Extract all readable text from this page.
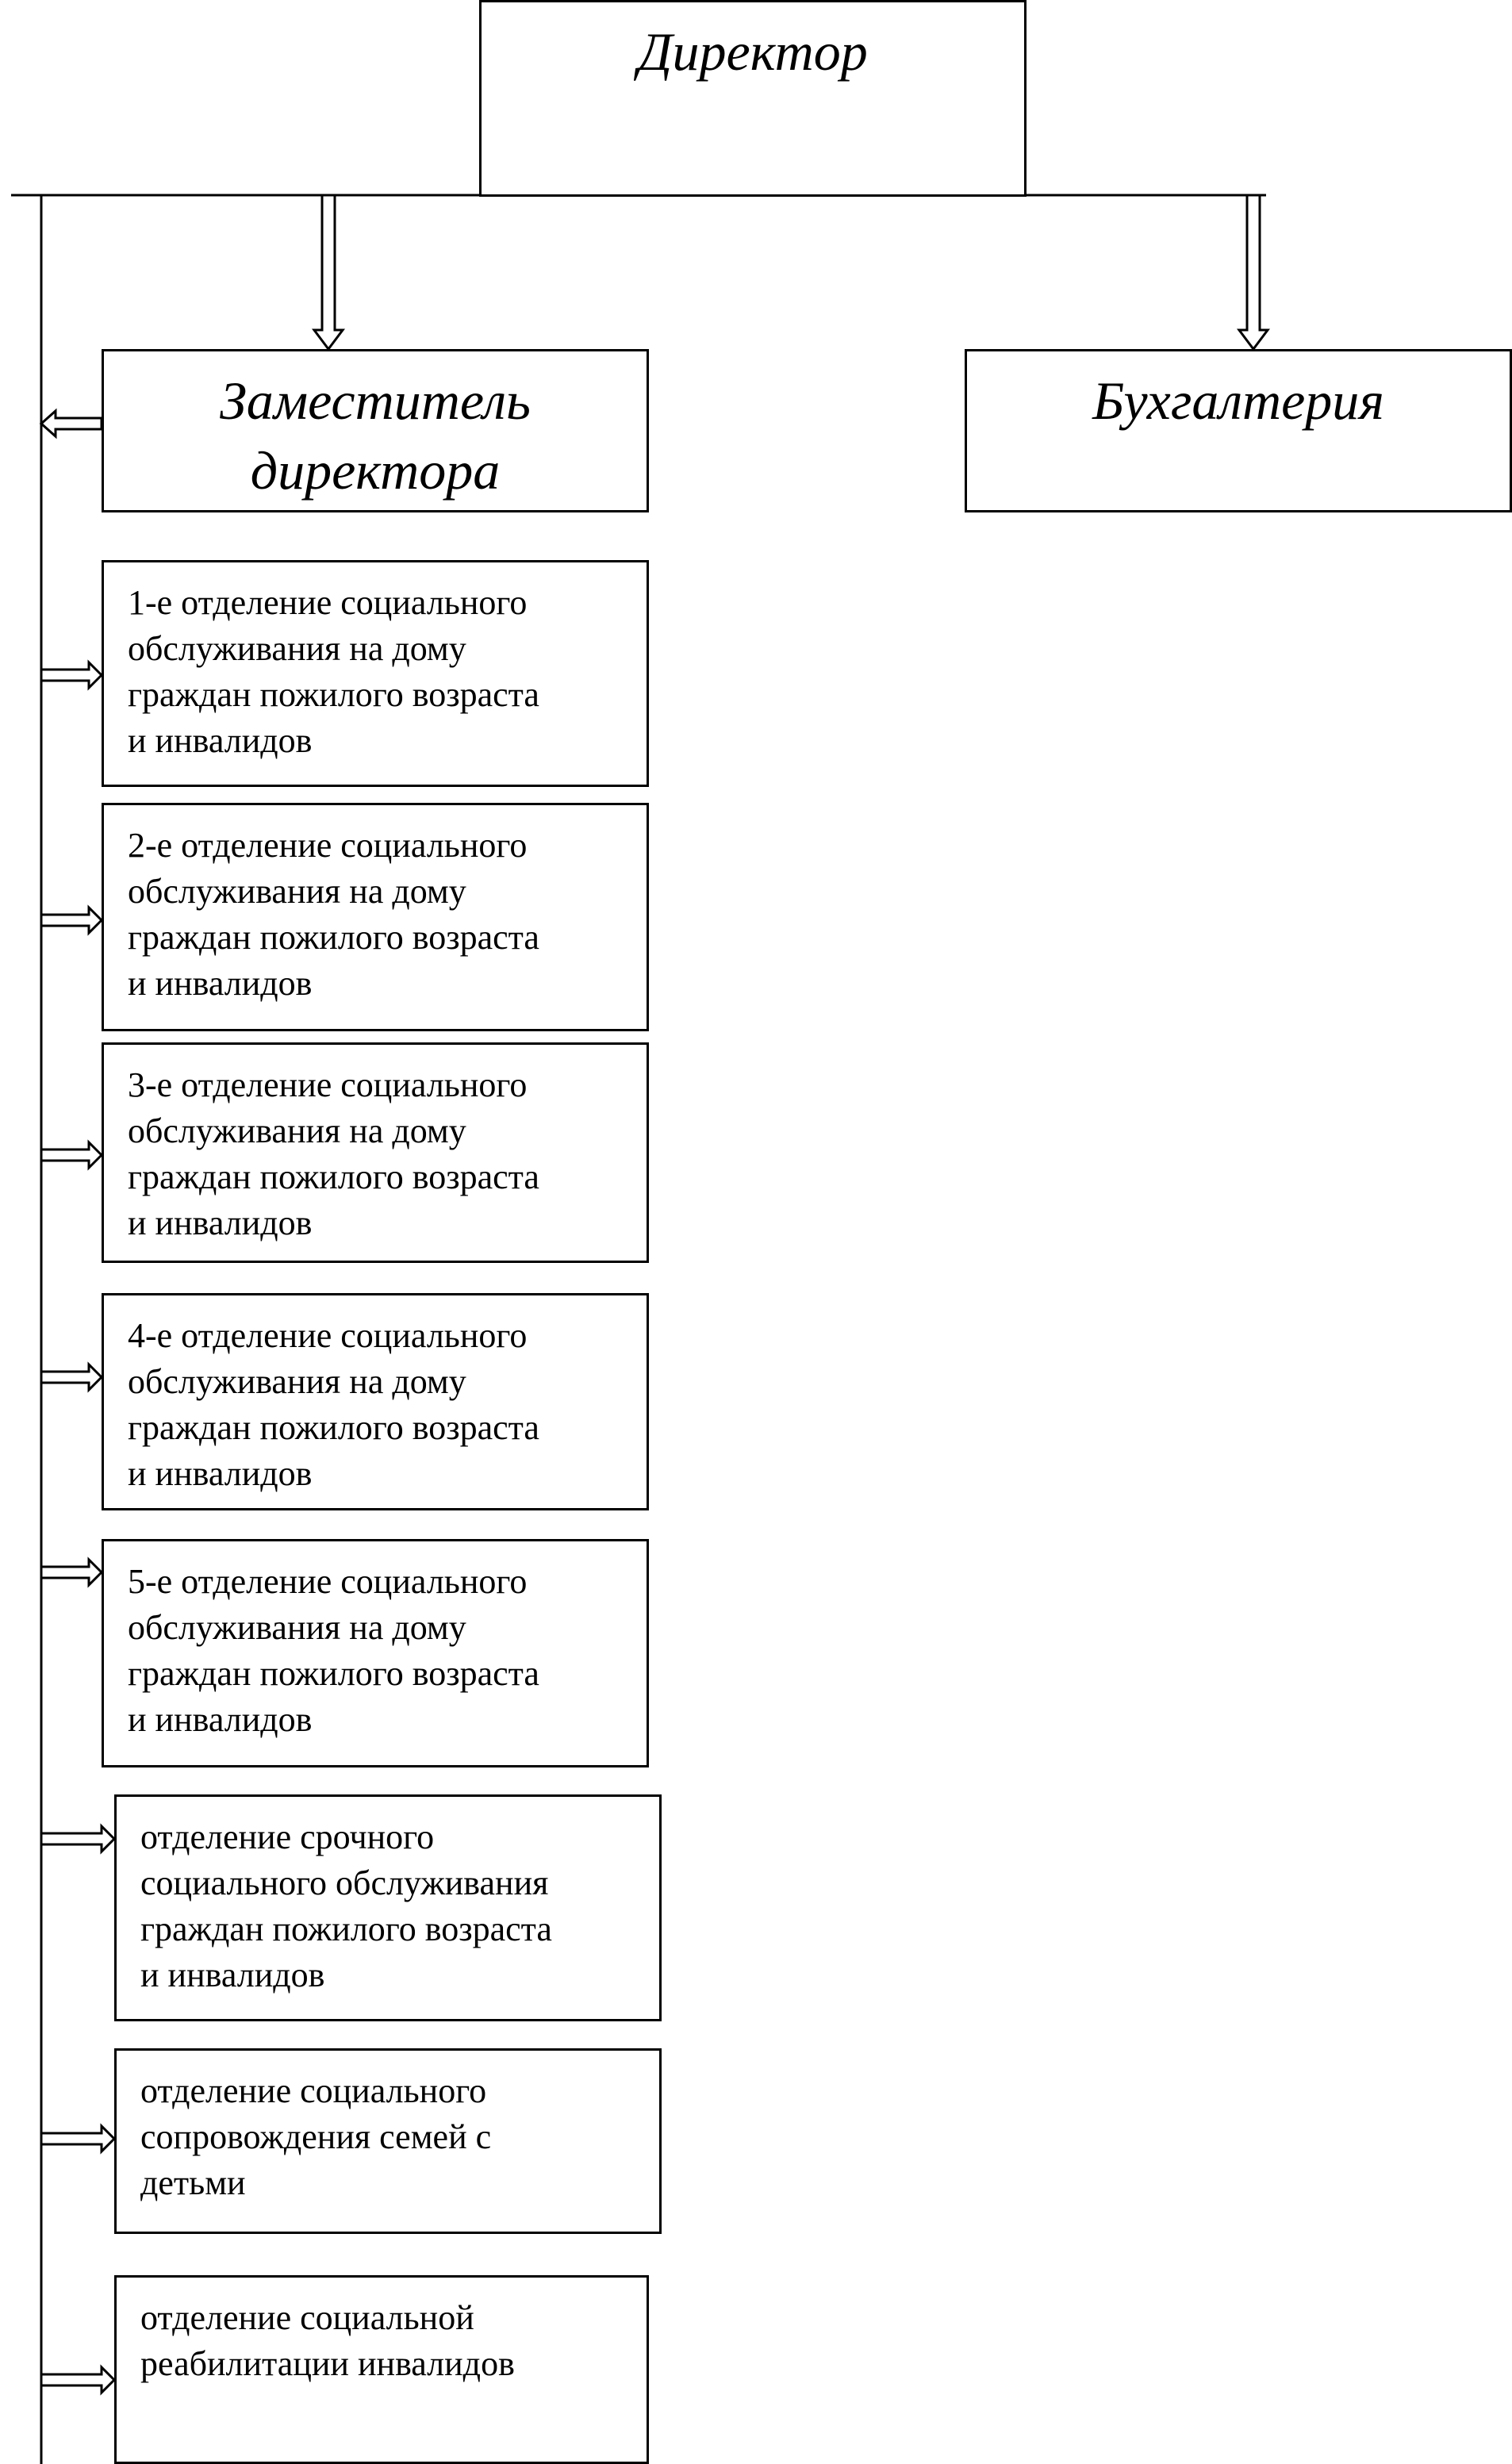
Директор
Заместитель
директора
Бухгалтерия
1-е отделение социального
обслуживания на дому
граждан пожилого возраста
и инвалидов
2-е отделение социального
обслуживания на дому
граждан пожилого возраста
и инвалидов
3-е отделение социального
обслуживания на дому
граждан пожилого возраста
и инвалидов
4-е отделение социального
обслуживания на дому
граждан пожилого возраста
и инвалидов
5-е отделение социального
обслуживания на дому
граждан пожилого возраста
и инвалидов
отделение срочного
социального обслуживания
граждан пожилого возраста
и инвалидов
отделение социального
сопровождения семей с
детьми
отделение социальной
реабилитации инвалидов
